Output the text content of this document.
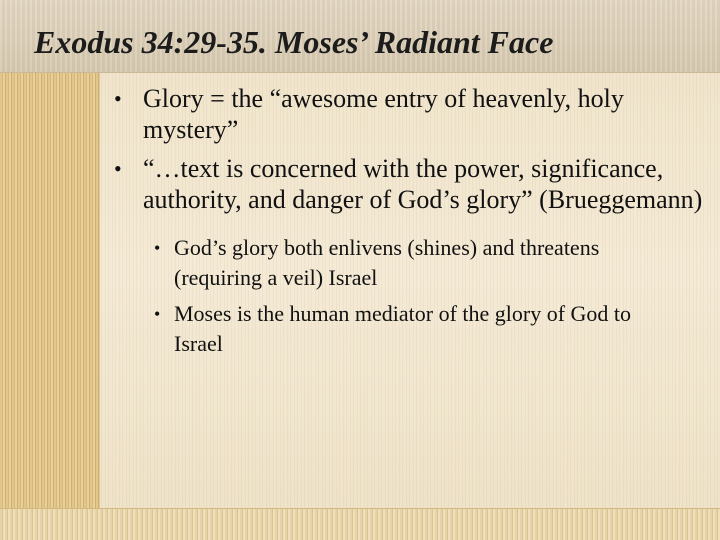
Exodus 34:29-35. Moses’ Radiant Face
• Glory = the “awesome entry of heavenly, holy mystery”
• “…text is concerned with the power, significance, authority, and danger of God’s glory” (Brueggemann)
• God’s glory both enlivens (shines) and threatens (requiring a veil) Israel
• Moses is the human mediator of the glory of God to Israel
